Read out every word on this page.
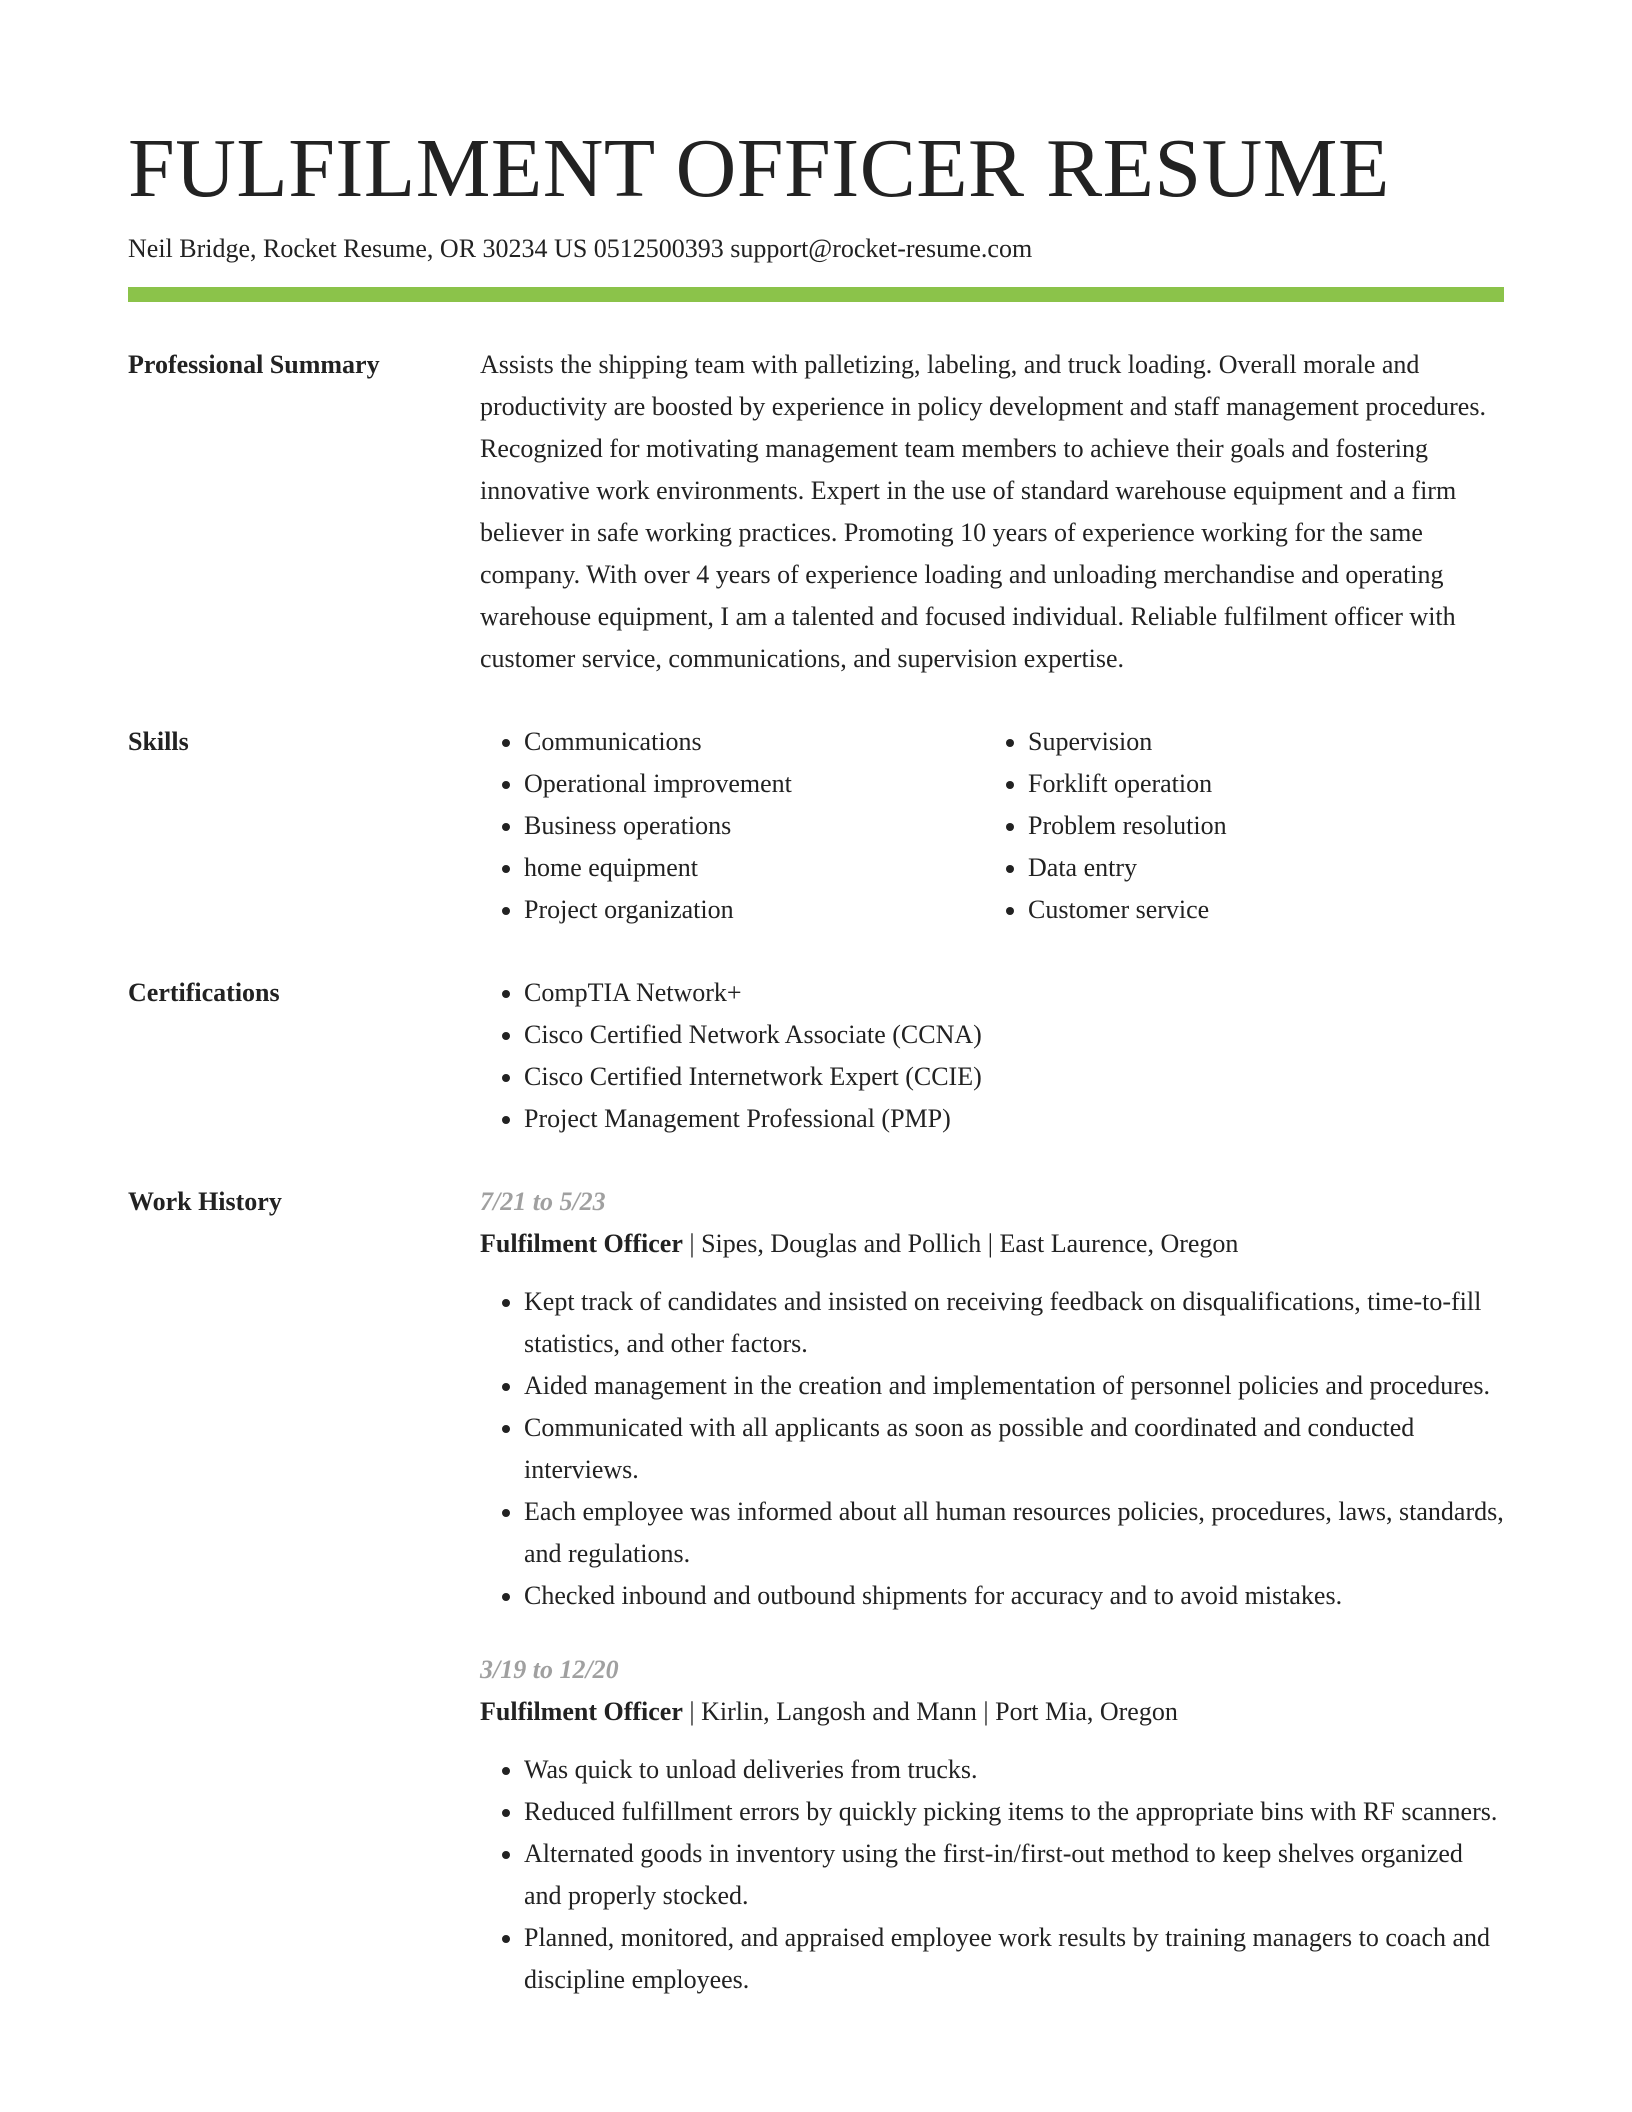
FULFILMENT OFFICER RESUME
Neil Bridge, Rocket Resume, OR 30234 US 0512500393 support@rocket-resume.com
Professional Summary	Assists the shipping team with palletizing, labeling, and truck loading. Overall morale and productivity are boosted by experience in policy development and staff management procedures. Recognized for motivating management team members to achieve their goals and fostering innovative work environments. Expert in the use of standard warehouse equipment and a firm believer in safe working practices. Promoting 10 years of experience working for the same company. With over 4 years of experience loading and unloading merchandise and operating warehouse equipment, I am a talented and focused individual. Reliable fulfilment officer with customer service, communications, and supervision expertise.

Skills	• Communications
• Operational improvement
• Business operations
• home equipment
• Project organization
• Supervision
• Forklift operation
• Problem resolution
• Data entry
• Customer service
Certifications	• CompTIA Network+
• Cisco Certified Network Associate (CCNA)
• Cisco Certified Internetwork Expert (CCIE)
• Project Management Professional (PMP)
Work History	7/21 to 5/23
Fulfilment Officer | Sipes, Douglas and Pollich | East Laurence, Oregon
• Kept track of candidates and insisted on receiving feedback on disqualifications, time-to-fill statistics, and other factors.
• Aided management in the creation and implementation of personnel policies and procedures.
• Communicated with all applicants as soon as possible and coordinated and conducted interviews.
• Each employee was informed about all human resources policies, procedures, laws, standards, and regulations.
• Checked inbound and outbound shipments for accuracy and to avoid mistakes.
3/19 to 12/20
Fulfilment Officer | Kirlin, Langosh and Mann | Port Mia, Oregon
• Was quick to unload deliveries from trucks.
• Reduced fulfillment errors by quickly picking items to the appropriate bins with RF scanners.
• Alternated goods in inventory using the first-in/first-out method to keep shelves organized and properly stocked.
• Planned, monitored, and appraised employee work results by training managers to coach and discipline employees.
